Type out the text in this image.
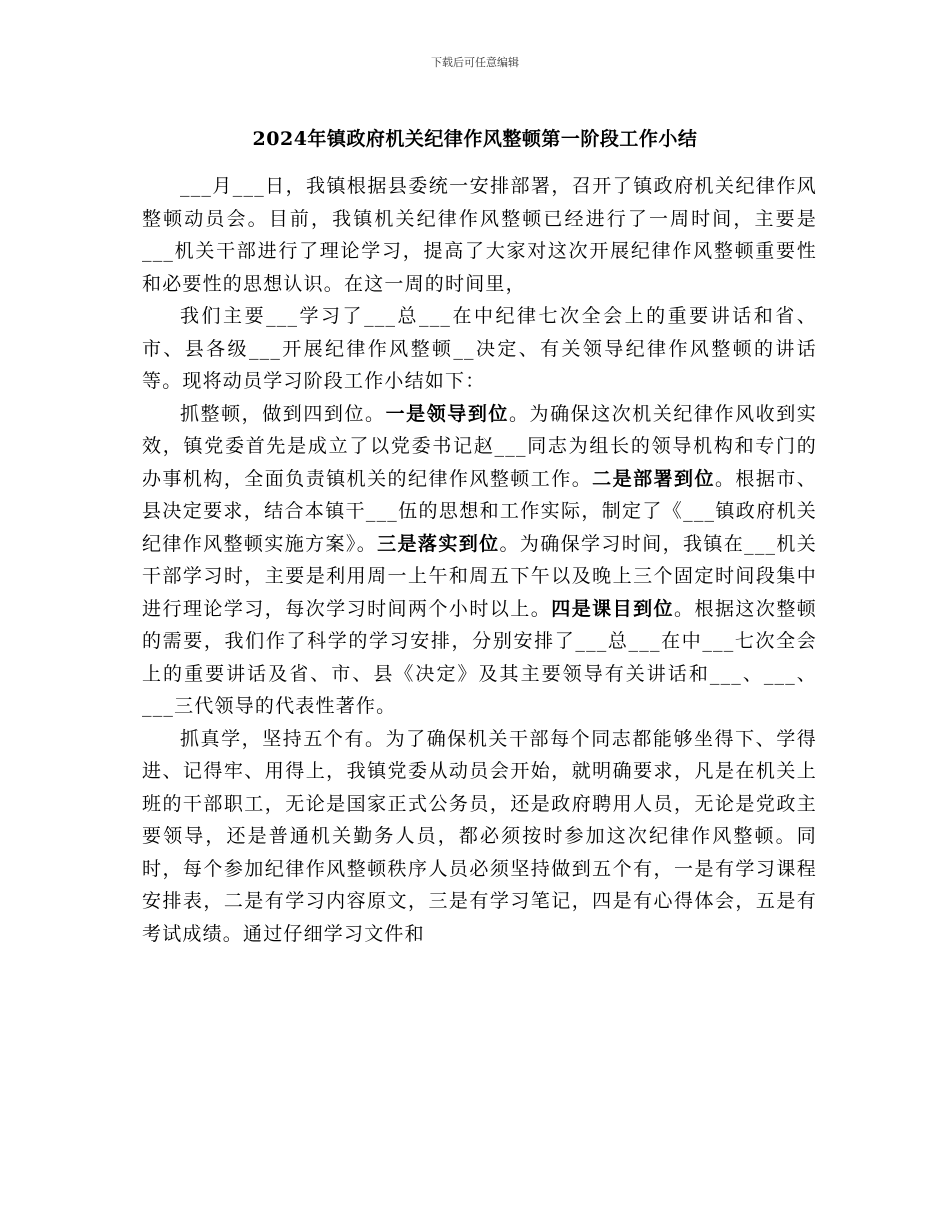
下载后可任意编辑
2024年镇政府机关纪律作风整顿第一阶段工作小结

___月___日，我镇根据县委统一安排部署，召开了镇政府机关纪律作风整顿动员会。目前，我镇机关纪律作风整顿已经进行了一周时间，主要是___机关干部进行了理论学习，提高了大家对这次开展纪律作风整顿重要性和必要性的思想认识。在这一周的时间里，

我们主要___学习了___总___在中纪律七次全会上的重要讲话和省、市、县各级___开展纪律作风整顿__决定、有关领导纪律作风整顿的讲话等。现将动员学习阶段工作小结如下：

抓整顿，做到四到位。一是领导到位。为确保这次机关纪律作风收到实效，镇党委首先是成立了以党委书记赵___同志为组长的领导机构和专门的办事机构，全面负责镇机关的纪律作风整顿工作。二是部署到位。根据市、县决定要求，结合本镇干___伍的思想和工作实际，制定了《___镇政府机关纪律作风整顿实施方案》。三是落实到位。为确保学习时间，我镇在___机关干部学习时，主要是利用周一上午和周五下午以及晚上三个固定时间段集中进行理论学习，每次学习时间两个小时以上。四是课目到位。根据这次整顿的需要，我们作了科学的学习安排，分别安排了___总___在中___七次全会上的重要讲话及省、市、县《决定》及其主要领导有关讲话和___、___、___三代领导的代表性著作。

抓真学，坚持五个有。为了确保机关干部每个同志都能够坐得下、学得进、记得牢、用得上，我镇党委从动员会开始，就明确要求，凡是在机关上班的干部职工，无论是国家正式公务员，还是政府聘用人员，无论是党政主要领导，还是普通机关勤务人员，都必须按时参加这次纪律作风整顿。同时，每个参加纪律作风整顿秩序人员必须坚持做到五个有，一是有学习课程安排表，二是有学习内容原文，三是有学习笔记，四是有心得体会，五是有考试成绩。通过仔细学习文件和
